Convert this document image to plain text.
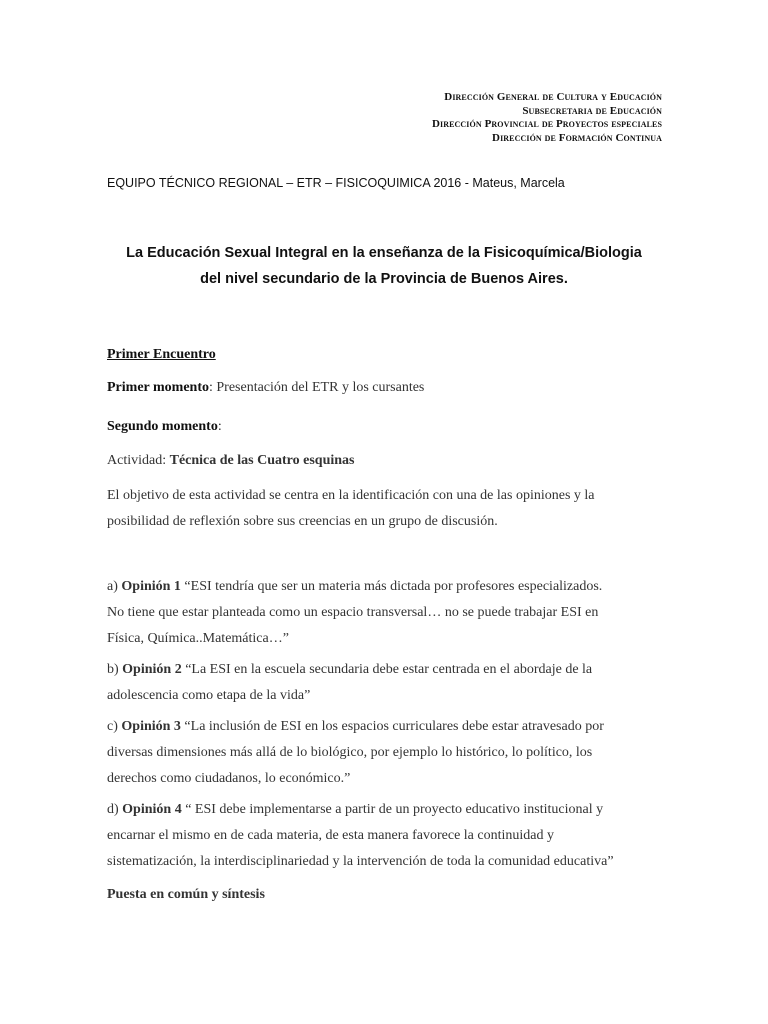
Dirección General de Cultura y Educación
Subsecretaria de Educación
Dirección Provincial de Proyectos especiales
Dirección de Formación Continua
EQUIPO TÉCNICO REGIONAL – ETR – FISICOQUIMICA 2016 - Mateus, Marcela
La Educación Sexual Integral en la enseñanza de la Fisicoquímica/Biologia
del nivel secundario de la Provincia de Buenos Aires.
Primer Encuentro
Primer momento: Presentación del ETR y los cursantes
Segundo momento:
Actividad: Técnica de las Cuatro esquinas
El objetivo de esta actividad se centra en la identificación con una de las opiniones y la
posibilidad de reflexión sobre sus creencias en un grupo de discusión.
a) Opinión 1 “ESI tendría que ser un materia más dictada por profesores especializados.
No tiene que estar planteada como un espacio transversal… no se puede trabajar ESI en
Física, Química..Matemática…”
b) Opinión 2 “La ESI en la escuela secundaria debe estar centrada en el abordaje de la
adolescencia como etapa de la vida”
c) Opinión 3 “La inclusión de ESI en los espacios curriculares debe estar atravesado por
diversas dimensiones más allá de lo biológico, por ejemplo lo histórico, lo político, los
derechos como ciudadanos, lo económico.”
d) Opinión 4 “ ESI debe implementarse a partir de un proyecto educativo institucional y
encarnar el mismo en de cada materia, de esta manera favorece la continuidad y
sistematización, la interdisciplinariedad y la intervención de toda la comunidad educativa”
Puesta en común y síntesis
